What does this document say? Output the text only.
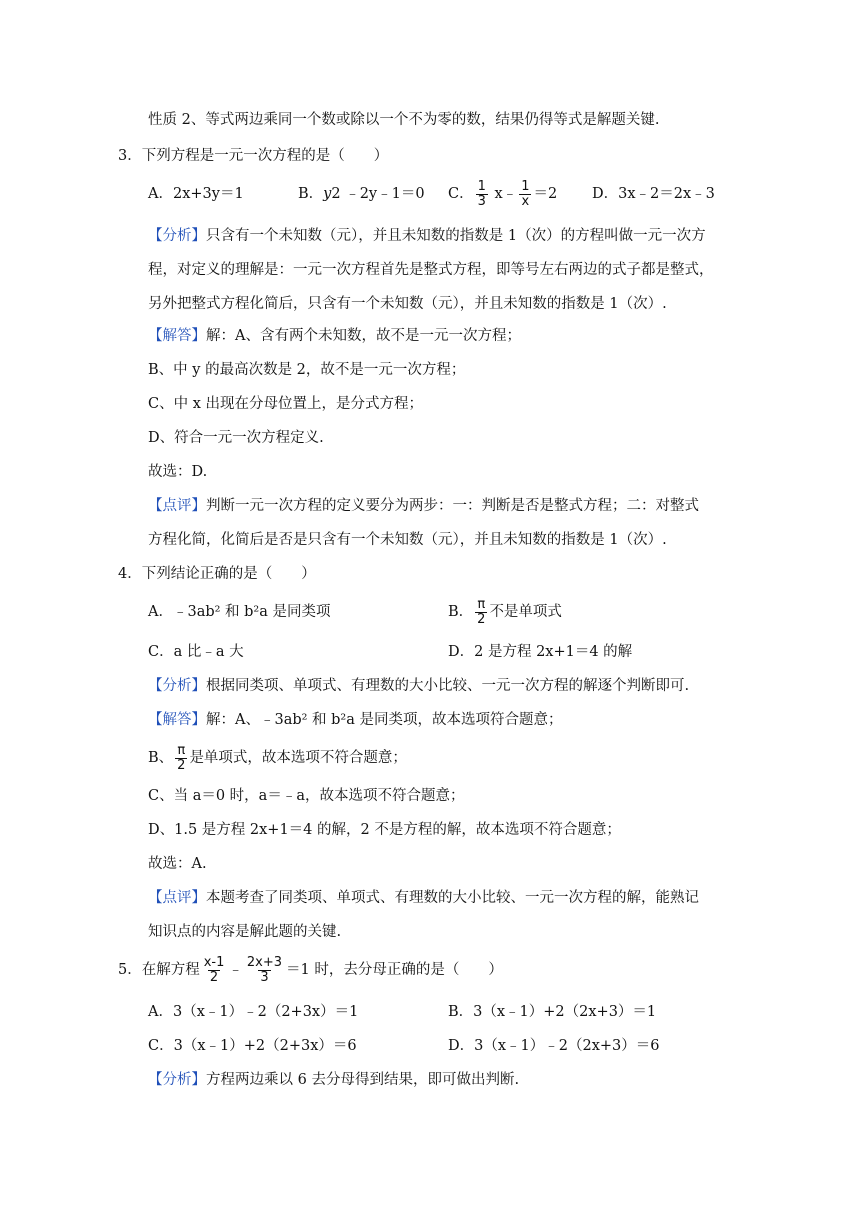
性质 2、等式两边乘同一个数或除以一个不为零的数，结果仍得等式是解题关键.
3．下列方程是一元一次方程的是（　　）
A．2x+3y＝1	B．y2 ﹣2y﹣1＝0 C． $\frac{1}{3}$ x﹣ $\frac{1}{x} =2$ D．3x﹣2＝2x﹣3
【分析】只含有一个未知数（元），并且未知数的指数是 1（次）的方程叫做一元一次方
程，对定义的理解是：一元一次方程首先是整式方程，即等号左右两边的式子都是整式，
另外把整式方程化简后，只含有一个未知数（元），并且未知数的指数是 1（次）.
【解答】解：A、含有两个未知数，故不是一元一次方程；
B、中 y 的最高次数是 2，故不是一元一次方程；
C、中 x 出现在分母位置上，是分式方程；
D、符合一元一次方程定义.
故选：D.
【点评】判断一元一次方程的定义要分为两步：一：判断是否是整式方程；二：对整式
方程化简，化简后是否是只含有一个未知数（元），并且未知数的指数是 1（次）.
4．下列结论正确的是（　　）
A．﹣3ab² 和 b²a 是同类项	B． $\frac{\pi}{2}$ 不是单项式
C．a 比﹣a 大	D．2 是方程 2x+1＝4 的解
【分析】根据同类项、单项式、有理数的大小比较、一元一次方程的解逐个判断即可.
【解答】解：A、﹣3ab² 和 b²a 是同类项，故本选项符合题意；
B、 $\frac{\pi}{2}$ 是单项式，故本选项不符合题意；
C、当 a＝0 时，a＝﹣a，故本选项不符合题意；
D、1.5 是方程 2x+1＝4 的解，2 不是方程的解，故本选项不符合题意；
故选：A.
【点评】本题考查了同类项、单项式、有理数的大小比较、一元一次方程的解，能熟记
知识点的内容是解此题的关键.
5．在解方程 $\frac{x-1}{2}$ ﹣ $\frac{2x+3}{3} =1$ 时，去分母正确的是（　　）
A．3（x﹣1）﹣2（2+3x）＝1	B．3（x﹣1）+2（2x+3）＝1
C．3（x﹣1）+2（2+3x）＝6	D．3（x﹣1）﹣2（2x+3）＝6
【分析】方程两边乘以 6 去分母得到结果，即可做出判断.
